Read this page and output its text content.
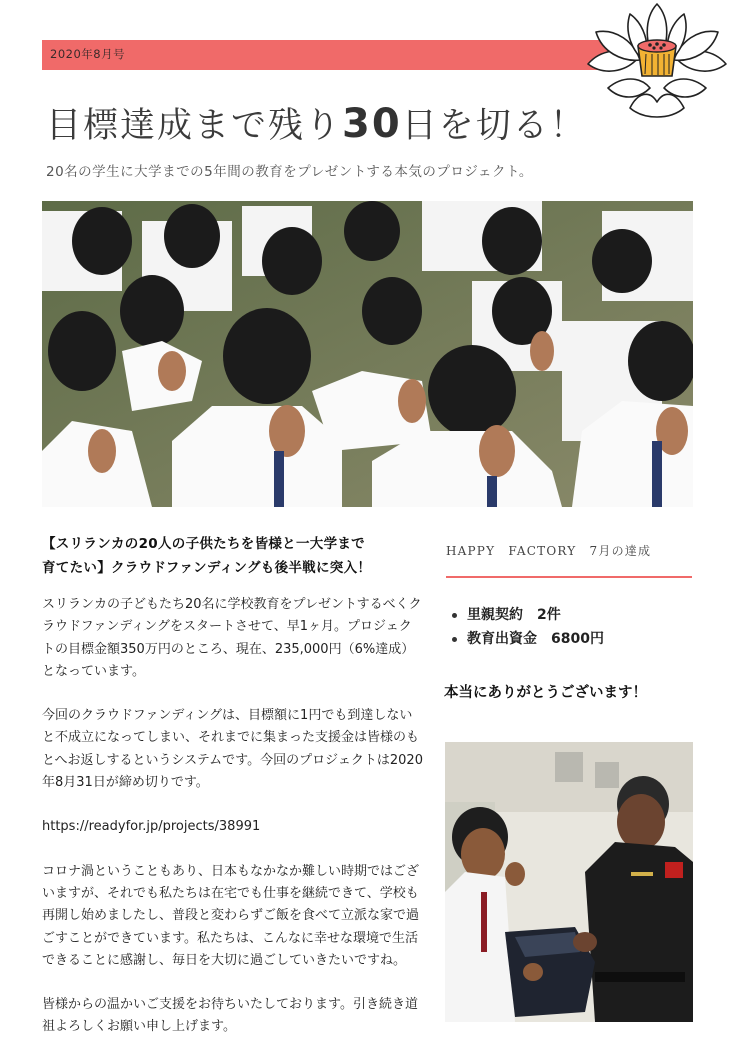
2020年8月号
目標達成まで残り30日を切る！
20名の学生に大学までの5年間の教育をプレゼントする本気のプロジェクト。
【スリランカの20人の子供たちを皆様と一大学まで
育てたい】クラウドファンディングも後半戦に突入！

スリランカの子どもたち20名に学校教育をプレゼントするべくクラウドファンディングをスタートさせて、早1ヶ月。プロジェクトの目標金額350万円のところ、現在、235,000円（6%達成）となっています。

今回のクラウドファンディングは、目標額に1円でも到達しないと不成立になってしまい、それまでに集まった支援金は皆様のもとへお返しするというシステムです。今回のプロジェクトは2020年8月31日が締め切りです。

https://readyfor.jp/projects/38991

コロナ渦ということもあり、日本もなかなか難しい時期ではございますが、それでも私たちは在宅でも仕事を継続できて、学校も再開し始めましたし、普段と変わらずご飯を食べて立派な家で過ごすことができています。私たちは、こんなに幸せな環境で生活できることに感謝し、毎日を大切に過ごしていきたいですね。

皆様からの温かいご支援をお待ちいたしております。引き続き道祖よろしくお願い申し上げます。

HAPPY　FACTORY　7月の達成
里親契約 2件
教育出資金 6800円
本当にありがとうございます！
